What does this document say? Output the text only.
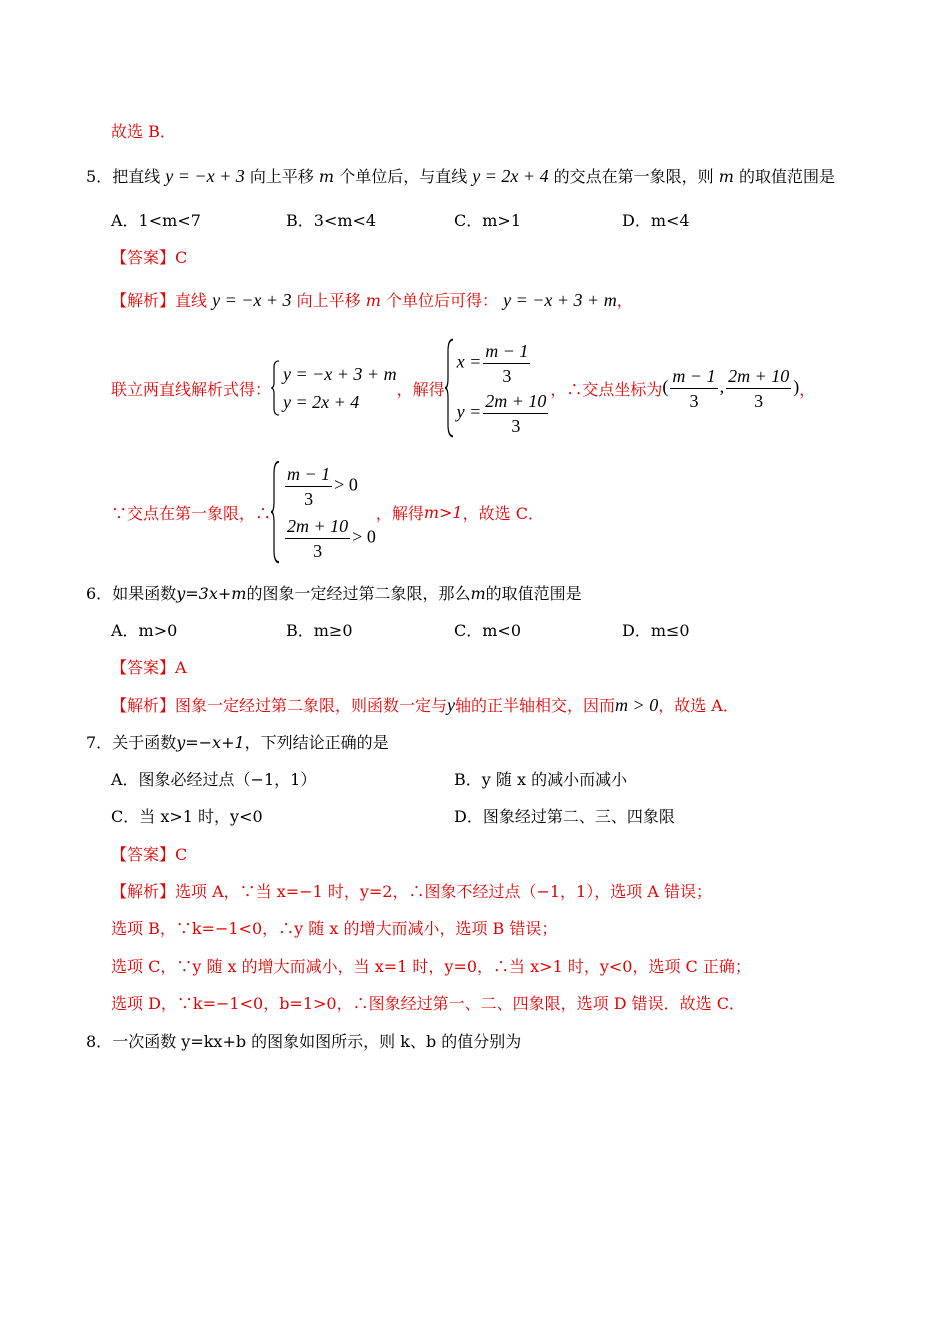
故选 B．
5．把直线 y = −x + 3 向上平移 m 个单位后，与直线 y = 2x + 4 的交点在第一象限，则 m 的取值范围是
A．1<m<7	B．3<m<4	C．m>1	D．m<4
【答案】C
【解析】直线 y = −x + 3 向上平移 m 个单位后可得： y = −x + 3 + m，
联立两直线解析式得：
y = −x + 3 + m
y = 2x + 4
，解得
$x = \frac{m - 1}{3}$
$y = \frac{2m + 10}{3}$
，∴交点坐标为 ( $\frac{m - 1}{3}$ , $\frac{2m + 10}{3}$ ) ，
∵交点在第一象限，∴
$\frac{m - 1}{3} > 0$
$\frac{2m + 10}{3} > 0$
，解得 m>1 ，故选 C．
6．如果函数y=3x+m的图象一定经过第二象限，那么m的取值范围是
A．m>0	B．m≥0	C．m<0	D．m≤0
【答案】A
【解析】图象一定经过第二象限，则函数一定与y轴的正半轴相交，因而m > 0，故选 A．
7．关于函数y=−x+1，下列结论正确的是
A．图象必经过点（−1，1）	B．y 随 x 的减小而减小
C．当 x>1 时，y<0	D．图象经过第二、三、四象限
【答案】C
【解析】选项 A，∵当 x=−1 时，y=2，∴图象不经过点（−1，1），选项 A 错误；
选项 B，∵k=−1<0，∴y 随 x 的增大而减小，选项 B 错误；
选项 C，∵y 随 x 的增大而减小，当 x=1 时，y=0，∴当 x>1 时，y<0，选项 C 正确；
选项 D，∵k=−1<0，b=1>0，∴图象经过第一、二、四象限，选项 D 错误．故选 C．
8．一次函数 y=kx+b 的图象如图所示，则 k、b 的值分别为
